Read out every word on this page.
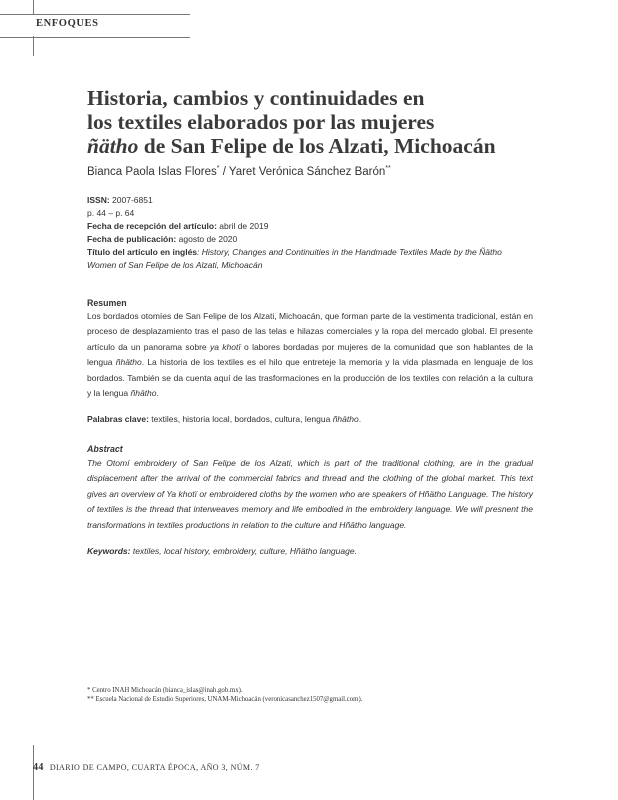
ENFOQUES
Historia, cambios y continuidades en
los textiles elaborados por las mujeres
ñätho de San Felipe de los Alzati, Michoacán
Bianca Paola Islas Flores* / Yaret Verónica Sánchez Barón**
ISSN: 2007-6851
p. 44 – p. 64
Fecha de recepción del artículo: abril de 2019
Fecha de publicación: agosto de 2020
Título del artículo en inglés: History, Changes and Continuities in the Handmade Textiles Made by the Ñätho
Women of San Felipe de los Alzati, Michoacán
Resumen
Los bordados otomíes de San Felipe de los Alzati, Michoacán, que forman parte de la vestimenta tradicional, están en proceso de desplazamiento tras el paso de las telas e hilazas comerciales y la ropa del mercado global. El presente artículo da un panorama sobre ya khotï o labores bordadas por mujeres de la comunidad que son hablantes de la lengua ñhätho. La historia de los textiles es el hilo que entreteje la memoria y la vida plasmada en lenguaje de los bordados. También se da cuenta aquí de las trasformaciones en la producción de los textiles con relación a la cultura y la lengua ñhätho.
Palabras clave: textiles, historia local, bordados, cultura, lengua ñhätho.
Abstract
The Otomí embroidery of San Felipe de los Alzati, which is part of the traditional clothing, are in the gradual displacement after the arrival of the commercial fabrics and thread and the clothing of the global market. This text gives an overview of Ya khotï or embroidered cloths by the women who are speakers of Hñätho Language. The history of textiles is the thread that interweaves memory and life embodied in the embroidery language. We will presnent the transformations in textiles productions in relation to the culture and Hñätho language.
Keywords: textiles, local history, embroidery, culture, Hñätho language.
* Centro INAH Michoacán (bianca_islas@inah.gob.mx).
** Escuela Nacional de Estudio Superiores, UNAM-Michoacán (veronicasanchez1507@gmail.com).
44 DIARIO DE CAMPO, CUARTA ÉPOCA, AÑO 3, NÚM. 7
